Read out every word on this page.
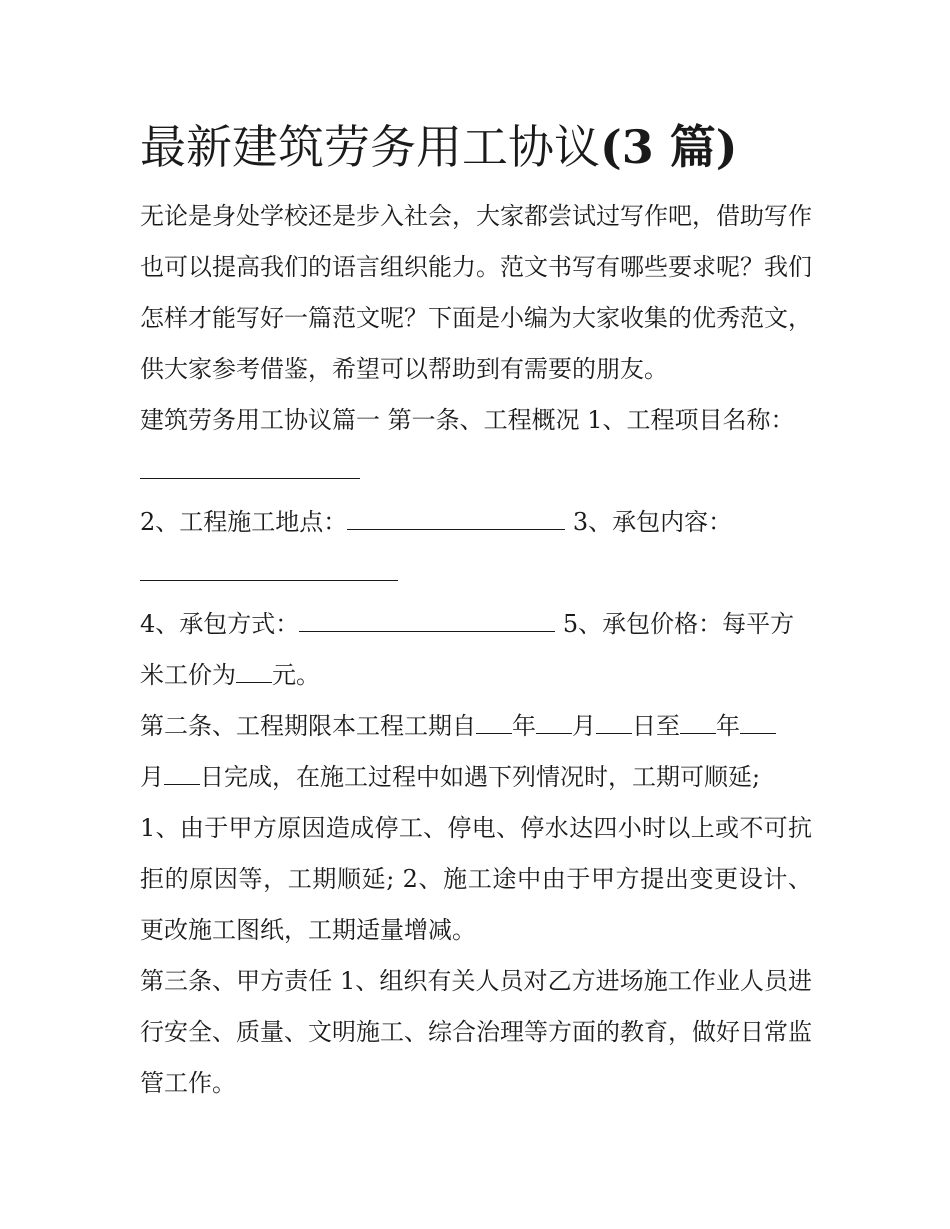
最新建筑劳务用工协议(3 篇)

无论是身处学校还是步入社会，大家都尝试过写作吧，借助写作也可以提高我们的语言组织能力。范文书写有哪些要求呢？我们怎样才能写好一篇范文呢？下面是小编为大家收集的优秀范文，供大家参考借鉴，希望可以帮助到有需要的朋友。

建筑劳务用工协议篇一 第一条、工程概况 1、工程项目名称：
2、工程施工地点：	3、承包内容：
4、承包方式：	5、承包价格：每平方
米工价为 元。
第二条、工程期限本工程工期自 年 月 日至 年
月 日完成，在施工过程中如遇下列情况时，工期可顺延;

1、由于甲方原因造成停工、停电、停水达四小时以上或不可抗拒的原因等，工期顺延; 2、施工途中由于甲方提出变更设计、更改施工图纸，工期适量增减。

第三条、甲方责任 1、组织有关人员对乙方进场施工作业人员进行安全、质量、文明施工、综合治理等方面的教育，做好日常监管工作。
